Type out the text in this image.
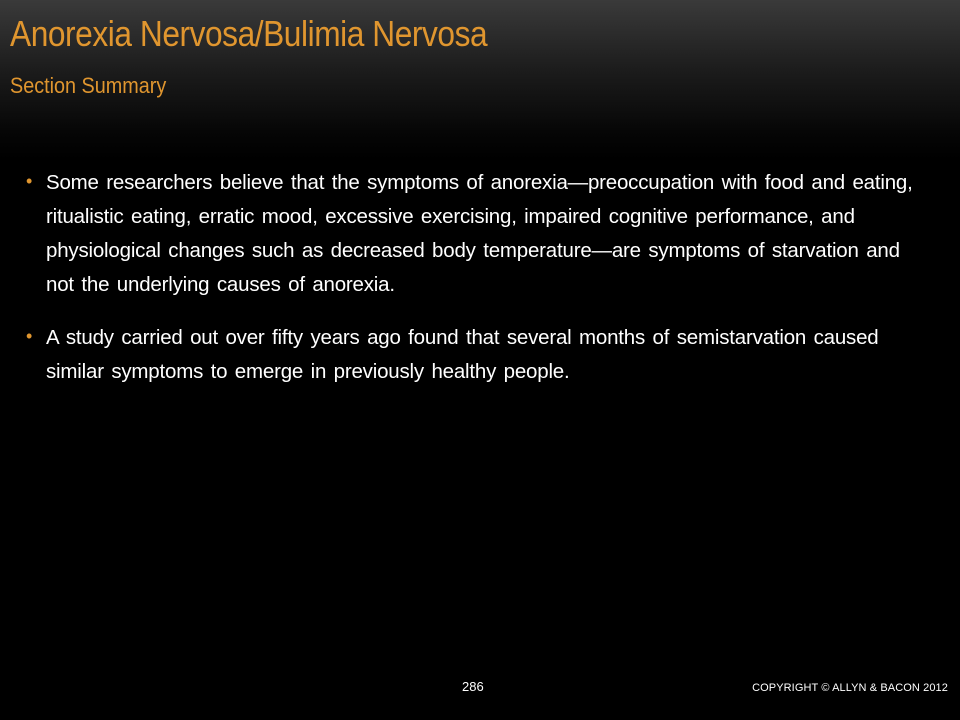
Anorexia Nervosa/Bulimia Nervosa
Section Summary
• Some researchers believe that the symptoms of anorexia—preoccupation with food and eating, ritualistic eating, erratic mood, excessive exercising, impaired cognitive performance, and physiological changes such as decreased body temperature—are symptoms of starvation and not the underlying causes of anorexia.
• A study carried out over fifty years ago found that several months of semistarvation caused similar symptoms to emerge in previously healthy people.
286	COPYRIGHT © ALLYN & BACON 2012
